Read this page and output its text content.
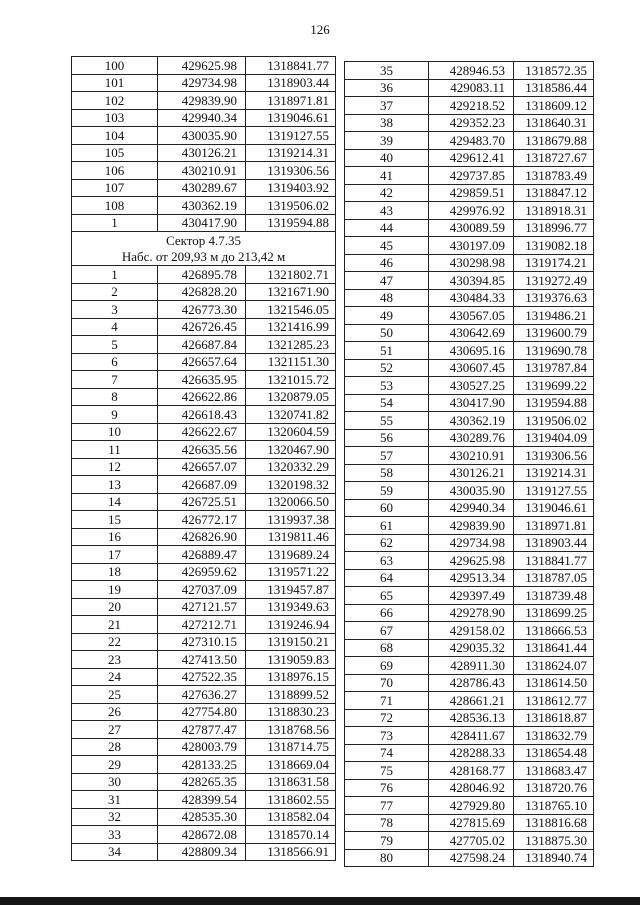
126
100	429625.98	1318841.77
101	429734.98	1318903.44
102	429839.90	1318971.81
103	429940.34	1319046.61
104	430035.90	1319127.55
105	430126.21	1319214.31
106	430210.91	1319306.56
107	430289.67	1319403.92
108	430362.19	1319506.02
1	430417.90	1319594.88
Сектор 4.7.35		
Набс. от 209,93 м до 213,42 м		
1	426895.78	1321802.71
2	426828.20	1321671.90
3	426773.30	1321546.05
4	426726.45	1321416.99
5	426687.84	1321285.23
6	426657.64	1321151.30
7	426635.95	1321015.72
8	426622.86	1320879.05
9	426618.43	1320741.82
10	426622.67	1320604.59
11	426635.56	1320467.90
12	426657.07	1320332.29
13	426687.09	1320198.32
14	426725.51	1320066.50
15	426772.17	1319937.38
16	426826.90	1319811.46
17	426889.47	1319689.24
18	426959.62	1319571.22
19	427037.09	1319457.87
20	427121.57	1319349.63
21	427212.71	1319246.94
22	427310.15	1319150.21
23	427413.50	1319059.83
24	427522.35	1318976.15
25	427636.27	1318899.52
26	427754.80	1318830.23
27	427877.47	1318768.56
28	428003.79	1318714.75
29	428133.25	1318669.04
30	428265.35	1318631.58
31	428399.54	1318602.55
32	428535.30	1318582.04
33	428672.08	1318570.14
34	428809.34	1318566.91
35	428946.53	1318572.35
36	429083.11	1318586.44
37	429218.52	1318609.12
38	429352.23	1318640.31
39	429483.70	1318679.88
40	429612.41	1318727.67
41	429737.85	1318783.49
42	429859.51	1318847.12
43	429976.92	1318918.31
44	430089.59	1318996.77
45	430197.09	1319082.18
46	430298.98	1319174.21
47	430394.85	1319272.49
48	430484.33	1319376.63
49	430567.05	1319486.21
50	430642.69	1319600.79
51	430695.16	1319690.78
52	430607.45	1319787.84
53	430527.25	1319699.22
54	430417.90	1319594.88
55	430362.19	1319506.02
56	430289.76	1319404.09
57	430210.91	1319306.56
58	430126.21	1319214.31
59	430035.90	1319127.55
60	429940.34	1319046.61
61	429839.90	1318971.81
62	429734.98	1318903.44
63	429625.98	1318841.77
64	429513.34	1318787.05
65	429397.49	1318739.48
66	429278.90	1318699.25
67	429158.02	1318666.53
68	429035.32	1318641.44
69	428911.30	1318624.07
70	428786.43	1318614.50
71	428661.21	1318612.77
72	428536.13	1318618.87
73	428411.67	1318632.79
74	428288.33	1318654.48
75	428168.77	1318683.47
76	428046.92	1318720.76
77	427929.80	1318765.10
78	427815.69	1318816.68
79	427705.02	1318875.30
80	427598.24	1318940.74
